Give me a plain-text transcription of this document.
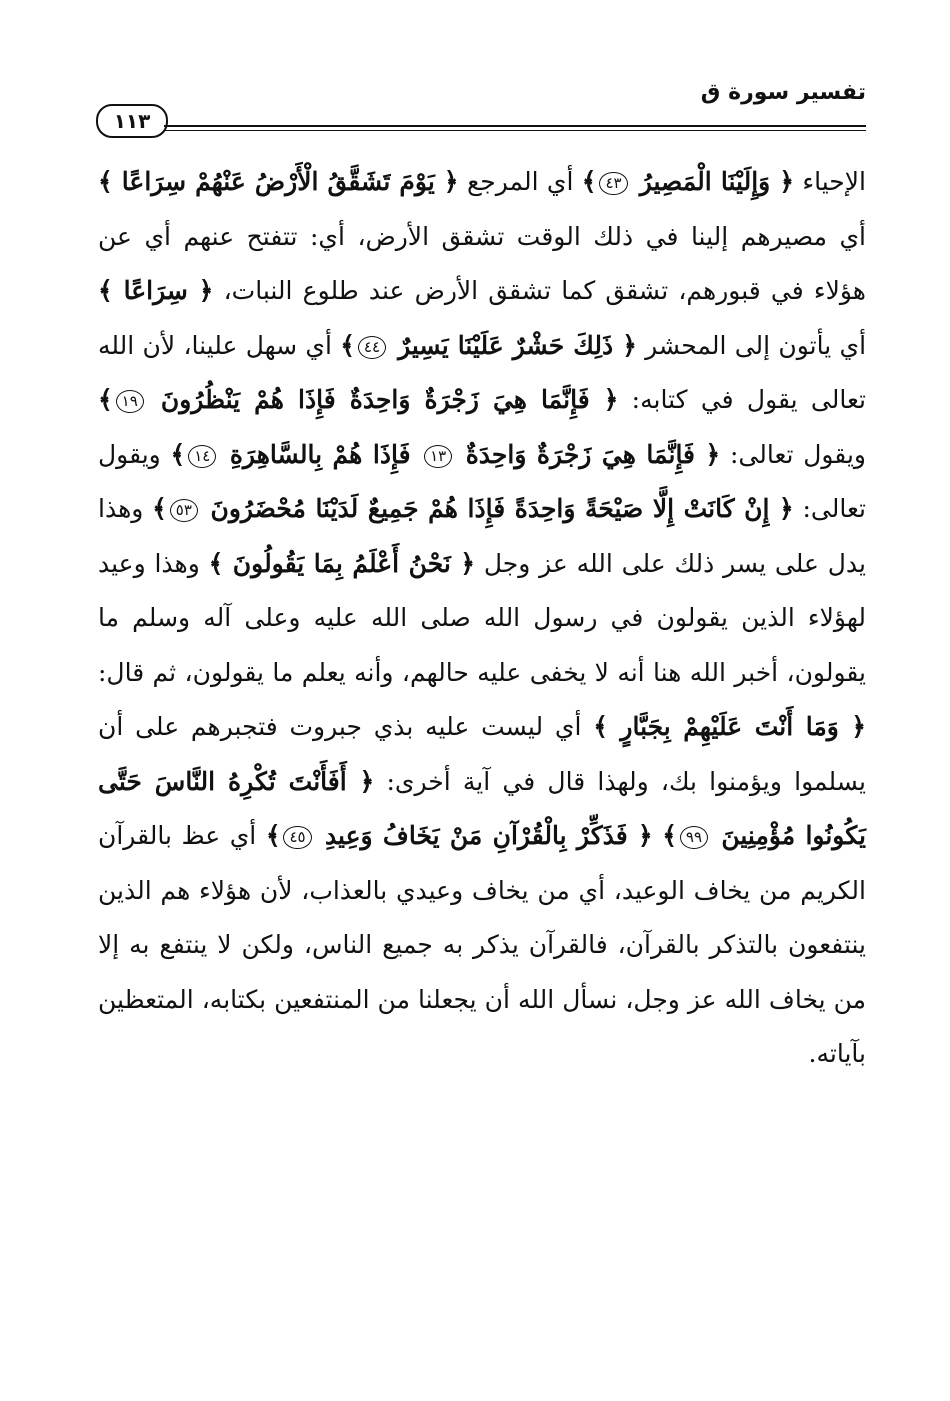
١١٣
تفسير سورة ق

الإحياء ﴿ وَإِلَيْنَا الْمَصِيرُ ٤٣﴾ أي المرجع ﴿ يَوْمَ تَشَقَّقُ الْأَرْضُ عَنْهُمْ سِرَاعًا ﴾ أي مصيرهم إلينا في ذلك الوقت تشقق الأرض، أي: تتفتح عنهم أي عن هؤلاء في قبورهم، تشقق كما تشقق الأرض عند طلوع النبات، ﴿ سِرَاعًا ﴾ أي يأتون إلى المحشر ﴿ ذَلِكَ حَشْرٌ عَلَيْنَا يَسِيرٌ ٤٤﴾ أي سهل علينا، لأن الله تعالى يقول في كتابه: ﴿ فَإِنَّمَا هِيَ زَجْرَةٌ وَاحِدَةٌ فَإِذَا هُمْ يَنْظُرُونَ ١٩﴾ ويقول تعالى: ﴿ فَإِنَّمَا هِيَ زَجْرَةٌ وَاحِدَةٌ ١٣ فَإِذَا هُمْ بِالسَّاهِرَةِ ١٤﴾ ويقول تعالى: ﴿ إِنْ كَانَتْ إِلَّا صَيْحَةً وَاحِدَةً فَإِذَا هُمْ جَمِيعٌ لَدَيْنَا مُحْضَرُونَ ٥٣﴾ وهذا يدل على يسر ذلك على الله عز وجل ﴿ نَحْنُ أَعْلَمُ بِمَا يَقُولُونَ ﴾ وهذا وعيد لهؤلاء الذين يقولون في رسول الله صلى الله عليه وعلى آله وسلم ما يقولون، أخبر الله هنا أنه لا يخفى عليه حالهم، وأنه يعلم ما يقولون، ثم قال: ﴿ وَمَا أَنْتَ عَلَيْهِمْ بِجَبَّارٍ ﴾ أي ليست عليه بذي جبروت فتجبرهم على أن يسلموا ويؤمنوا بك، ولهذا قال في آية أخرى: ﴿ أَفَأَنْتَ تُكْرِهُ النَّاسَ حَتَّى يَكُونُوا مُؤْمِنِينَ ٩٩﴾ ﴿ فَذَكِّرْ بِالْقُرْآنِ مَنْ يَخَافُ وَعِيدِ ٤٥﴾ أي عظ بالقرآن الكريم من يخاف الوعيد، أي من يخاف وعيدي بالعذاب، لأن هؤلاء هم الذين ينتفعون بالتذكر بالقرآن، فالقرآن يذكر به جميع الناس، ولكن لا ينتفع به إلا من يخاف الله عز وجل، نسأل الله أن يجعلنا من المنتفعين بكتابه، المتعظين بآياته.
